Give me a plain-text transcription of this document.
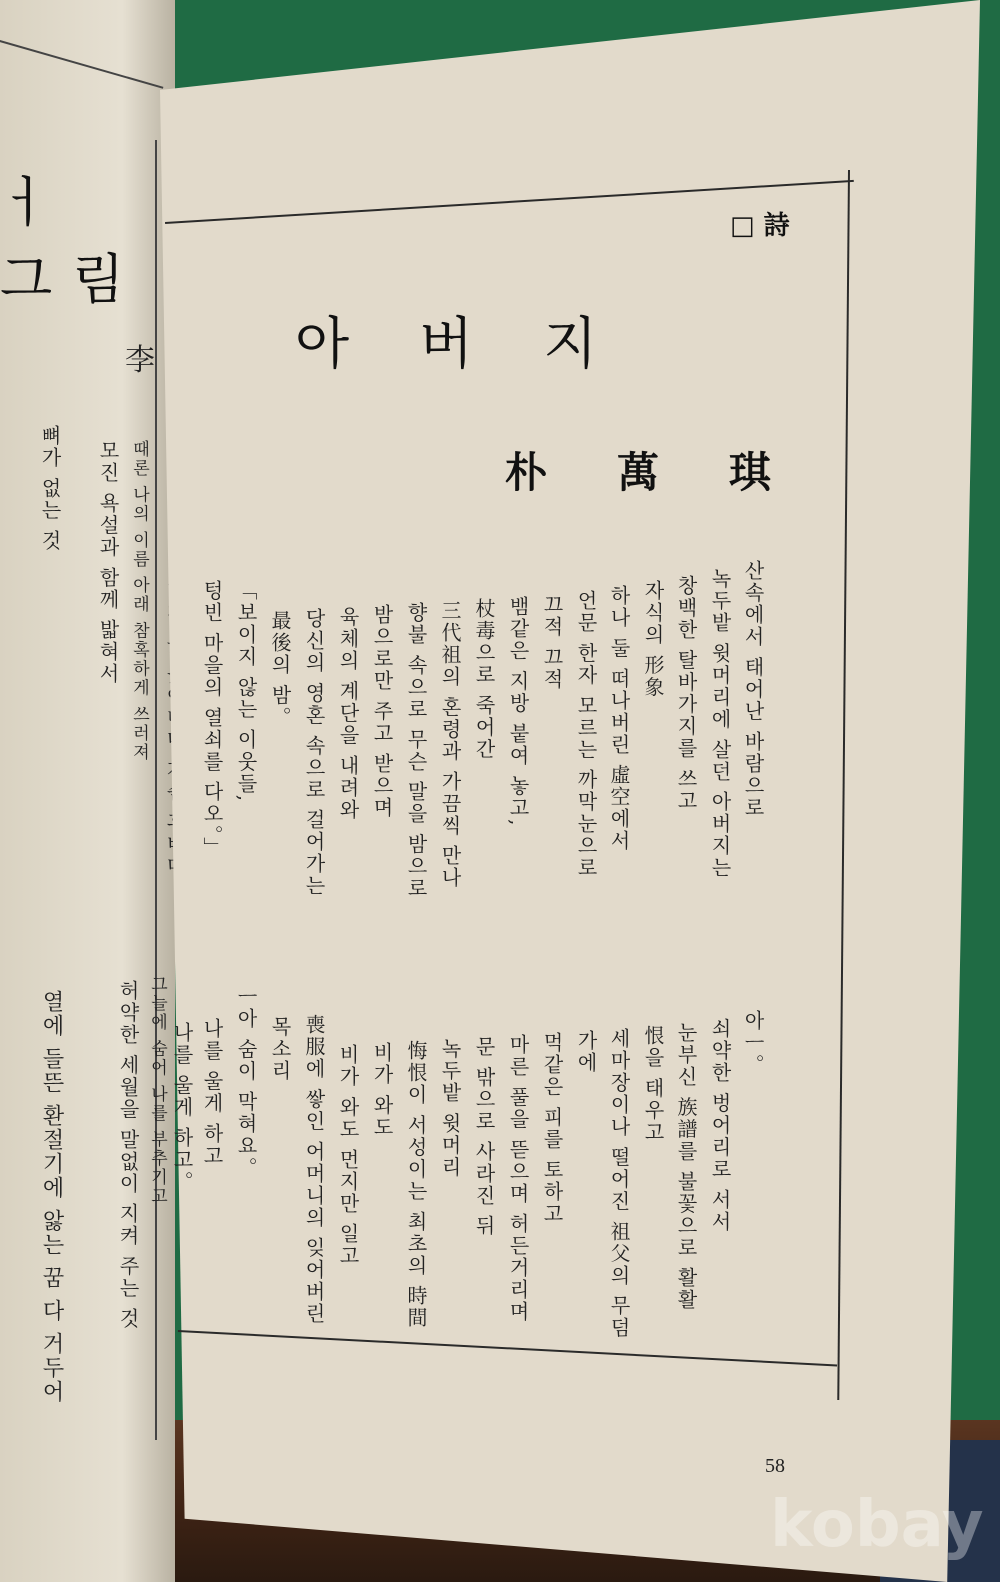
ㅓ 그림
李
뼈가 없는 것	때론 나의 이름 아래 참혹하게 쓰러져
모진 욕설과 함께 밟혀서
열에 들뜬 환절기에 앓는 꿈 다 거두어	그늘에 숨어 나를 부추기고
허약한 세월을 말없이 지켜 주는 것
□ 詩
아버지
朴萬琪
산속에서 태어난 바람으로
녹두밭 윗머리에 살던 아버지는
창백한 탈바가지를 쓰고
자식의 形象
하나 둘 떠나버린 虛空에서
언문 한자 모르는 까막눈으로
끄적 끄적
뱀같은 지방 붙여 놓고,
杖毒으로 죽어간
三代祖의 혼령과 가끔씩 만나
향불 속으로 무슨 말을 밤으로
밤으로만 주고 받으며
육체의 계단을 내려와
당신의 영혼 속으로 걸어가는
最後의 밤。
「보이지 않는 이웃들,
텅빈 마을의 열쇠를 다오。」
아ㅡ。
쇠약한 벙어리로 서서
눈부신 族譜를 불꽃으로 활활
恨을 태우고
세마장이나 떨어진 祖父의 무덤
가에
먹같은 피를 토하고
마른 풀을 뜯으며 허든거리며
문 밖으로 사라진 뒤
녹두밭 윗머리
悔恨이 서성이는 최초의 時間
비가 와도
비가 와도 먼지만 일고
喪服에 쌓인 어머니의 잊어버린
목소리
ㅡ아 숨이 막혀요。
나를 울게 하고
나를 울게 하고。
58
kobay
